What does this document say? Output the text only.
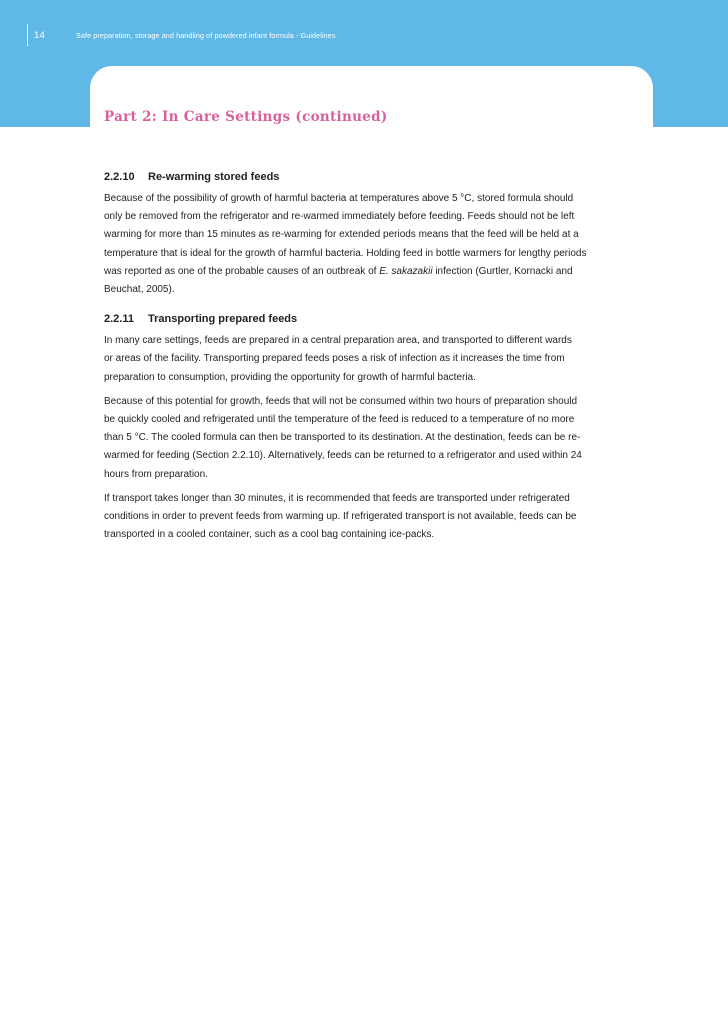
14	Safe preparation, storage and handling of powdered infant formula - Guidelines
Part 2: In Care Settings (continued)
2.2.10 Re-warming stored feeds
Because of the possibility of growth of harmful bacteria at temperatures above 5 °C, stored formula should
only be removed from the refrigerator and re-warmed immediately before feeding. Feeds should not be left
warming for more than 15 minutes as re-warming for extended periods means that the feed will be held at a
temperature that is ideal for the growth of harmful bacteria. Holding feed in bottle warmers for lengthy periods
was reported as one of the probable causes of an outbreak of E. sakazakii infection (Gurtler, Kornacki and
Beuchat, 2005).
2.2.11 Transporting prepared feeds
In many care settings, feeds are prepared in a central preparation area, and transported to different wards
or areas of the facility. Transporting prepared feeds poses a risk of infection as it increases the time from
preparation to consumption, providing the opportunity for growth of harmful bacteria.
Because of this potential for growth, feeds that will not be consumed within two hours of preparation should
be quickly cooled and refrigerated until the temperature of the feed is reduced to a temperature of no more
than 5 °C. The cooled formula can then be transported to its destination. At the destination, feeds can be re-
warmed for feeding (Section 2.2.10). Alternatively, feeds can be returned to a refrigerator and used within 24
hours from preparation.
If transport takes longer than 30 minutes, it is recommended that feeds are transported under refrigerated
conditions in order to prevent feeds from warming up. If refrigerated transport is not available, feeds can be
transported in a cooled container, such as a cool bag containing ice-packs.
